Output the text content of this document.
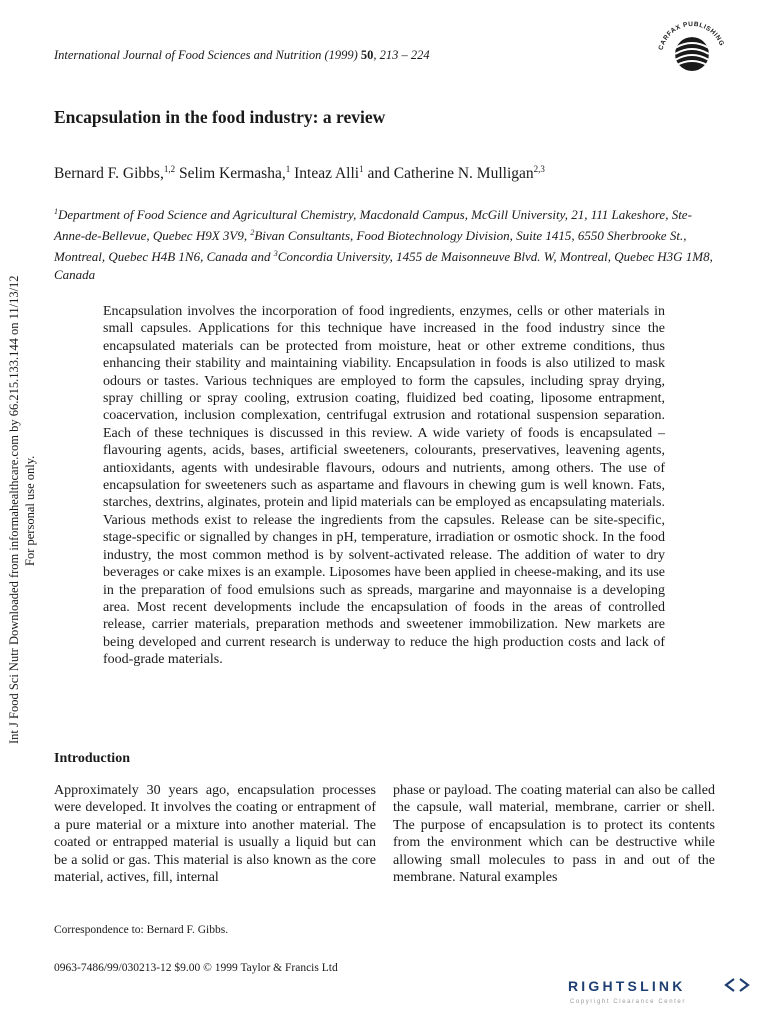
International Journal of Food Sciences and Nutrition (1999) 50, 213 – 224
CARFAX PUBLISHING
Encapsulation in the food industry: a review
Bernard F. Gibbs,$^{1,2}$ Selim Kermasha,$^1$ Inteaz Alli$^1$ and Catherine N. Mulligan$^{2,3}$
$^1$Department of Food Science and Agricultural Chemistry, Macdonald Campus, McGill University, 21, 111 Lakeshore, Ste-Anne-de-Bellevue, Quebec H9X 3V9, $^2$Bivan Consultants, Food Biotechnology Division, Suite 1415, 6550 Sherbrooke St., Montreal, Quebec H4B 1N6, Canada and $^3$Concordia University, 1455 de Maisonneuve Blvd. W, Montreal, Quebec H3G 1M8, Canada
Int J Food Sci Nutr Downloaded from informahealthcare.com by 66.215.133.144 on 11/13/12 For personal use only.
Encapsulation involves the incorporation of food ingredients, enzymes, cells or other materials in small capsules. Applications for this technique have increased in the food industry since the encapsulated materials can be protected from moisture, heat or other extreme conditions, thus enhancing their stability and maintaining viability. Encapsulation in foods is also utilized to mask odours or tastes. Various techniques are employed to form the capsules, including spray drying, spray chilling or spray cooling, extrusion coating, fluidized bed coating, liposome entrapment, coacervation, inclusion complexation, centrifugal extrusion and rotational suspension separation. Each of these techniques is discussed in this review. A wide variety of foods is encapsulated – flavouring agents, acids, bases, artificial sweeteners, colourants, preservatives, leavening agents, antioxidants, agents with undesirable flavours, odours and nutrients, among others. The use of encapsulation for sweeteners such as aspartame and flavours in chewing gum is well known. Fats, starches, dextrins, alginates, protein and lipid materials can be employed as encapsulating materials. Various methods exist to release the ingredients from the capsules. Release can be site-specific, stage-specific or signalled by changes in pH, temperature, irradiation or osmotic shock. In the food industry, the most common method is by solvent-activated release. The addition of water to dry beverages or cake mixes is an example. Liposomes have been applied in cheese-making, and its use in the preparation of food emulsions such as spreads, margarine and mayonnaise is a developing area. Most recent developments include the encapsulation of foods in the areas of controlled release, carrier materials, preparation methods and sweetener immobilization. New markets are being developed and current research is underway to reduce the high production costs and lack of food-grade materials.
Introduction
Approximately 30 years ago, encapsulation processes were developed. It involves the coating or entrapment of a pure material or a mixture into another material. The coated or entrapped material is usually a liquid but can be a solid or gas. This material is also known as the core material, actives, fill, internal
phase or payload. The coating material can also be called the capsule, wall material, membrane, carrier or shell. The purpose of encapsulation is to protect its contents from the environment which can be destructive while allowing small molecules to pass in and out of the membrane. Natural examples
Correspondence to: Bernard F. Gibbs.
0963-7486/99/030213-12 $9.00 © 1999 Taylor & Francis Ltd
RIGHTSLINK
Copyright Clearance Center
